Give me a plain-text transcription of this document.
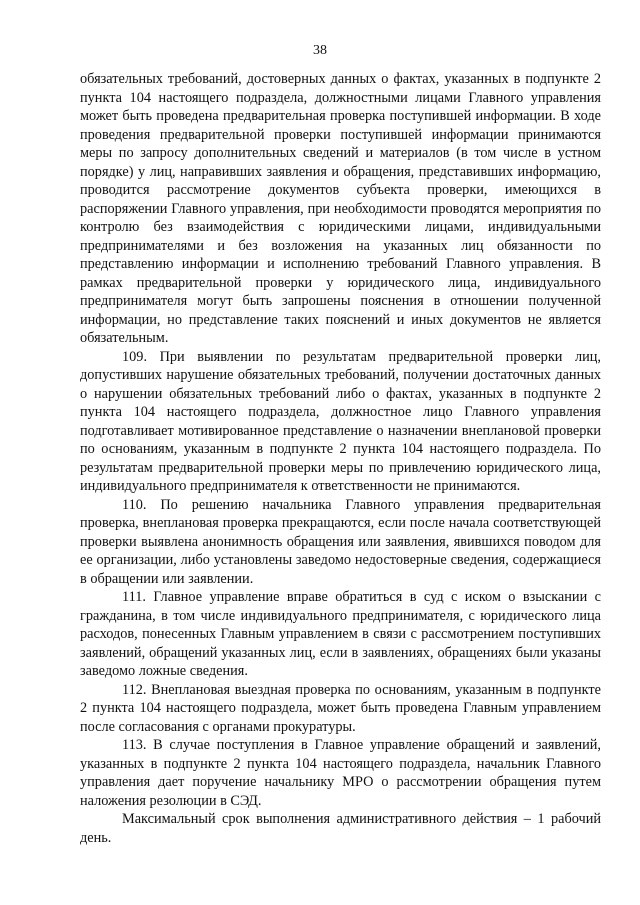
38

обязательных требований, достоверных данных о фактах, указанных в подпункте 2 пункта 104 настоящего подраздела, должностными лицами Главного управления может быть проведена предварительная проверка поступившей информации. В ходе проведения предварительной проверки поступившей информации принимаются меры по запросу дополнительных сведений и материалов (в том числе в устном порядке) у лиц, направивших заявления и обращения, представивших информацию, проводится рассмотрение документов субъекта проверки, имеющихся в распоряжении Главного управления, при необходимости проводятся мероприятия по контролю без взаимодействия с юридическими лицами, индивидуальными предпринимателями и без возложения на указанных лиц обязанности по представлению информации и исполнению требований Главного управления. В рамках предварительной проверки у юридического лица, индивидуального предпринимателя могут быть запрошены пояснения в отношении полученной информации, но представление таких пояснений и иных документов не является обязательным.

109. При выявлении по результатам предварительной проверки лиц, допустивших нарушение обязательных требований, получении достаточных данных о нарушении обязательных требований либо о фактах, указанных в подпункте 2 пункта 104 настоящего подраздела, должностное лицо Главного управления подготавливает мотивированное представление о назначении внеплановой проверки по основаниям, указанным в подпункте 2 пункта 104 настоящего подраздела. По результатам предварительной проверки меры по привлечению юридического лица, индивидуального предпринимателя к ответственности не принимаются.

110. По решению начальника Главного управления предварительная проверка, внеплановая проверка прекращаются, если после начала соответствующей проверки выявлена анонимность обращения или заявления, явившихся поводом для ее организации, либо установлены заведомо недостоверные сведения, содержащиеся в обращении или заявлении.

111. Главное управление вправе обратиться в суд с иском о взыскании с гражданина, в том числе индивидуального предпринимателя, с юридического лица расходов, понесенных Главным управлением в связи с рассмотрением поступивших заявлений, обращений указанных лиц, если в заявлениях, обращениях были указаны заведомо ложные сведения.

112. Внеплановая выездная проверка по основаниям, указанным в подпункте 2 пункта 104 настоящего подраздела, может быть проведена Главным управлением после согласования с органами прокуратуры.

113. В случае поступления в Главное управление обращений и заявлений, указанных в подпункте 2 пункта 104 настоящего подраздела, начальник Главного управления дает поручение начальнику МРО о рассмотрении обращения путем наложения резолюции в СЭД.

Максимальный срок выполнения административного действия – 1 рабочий день.
